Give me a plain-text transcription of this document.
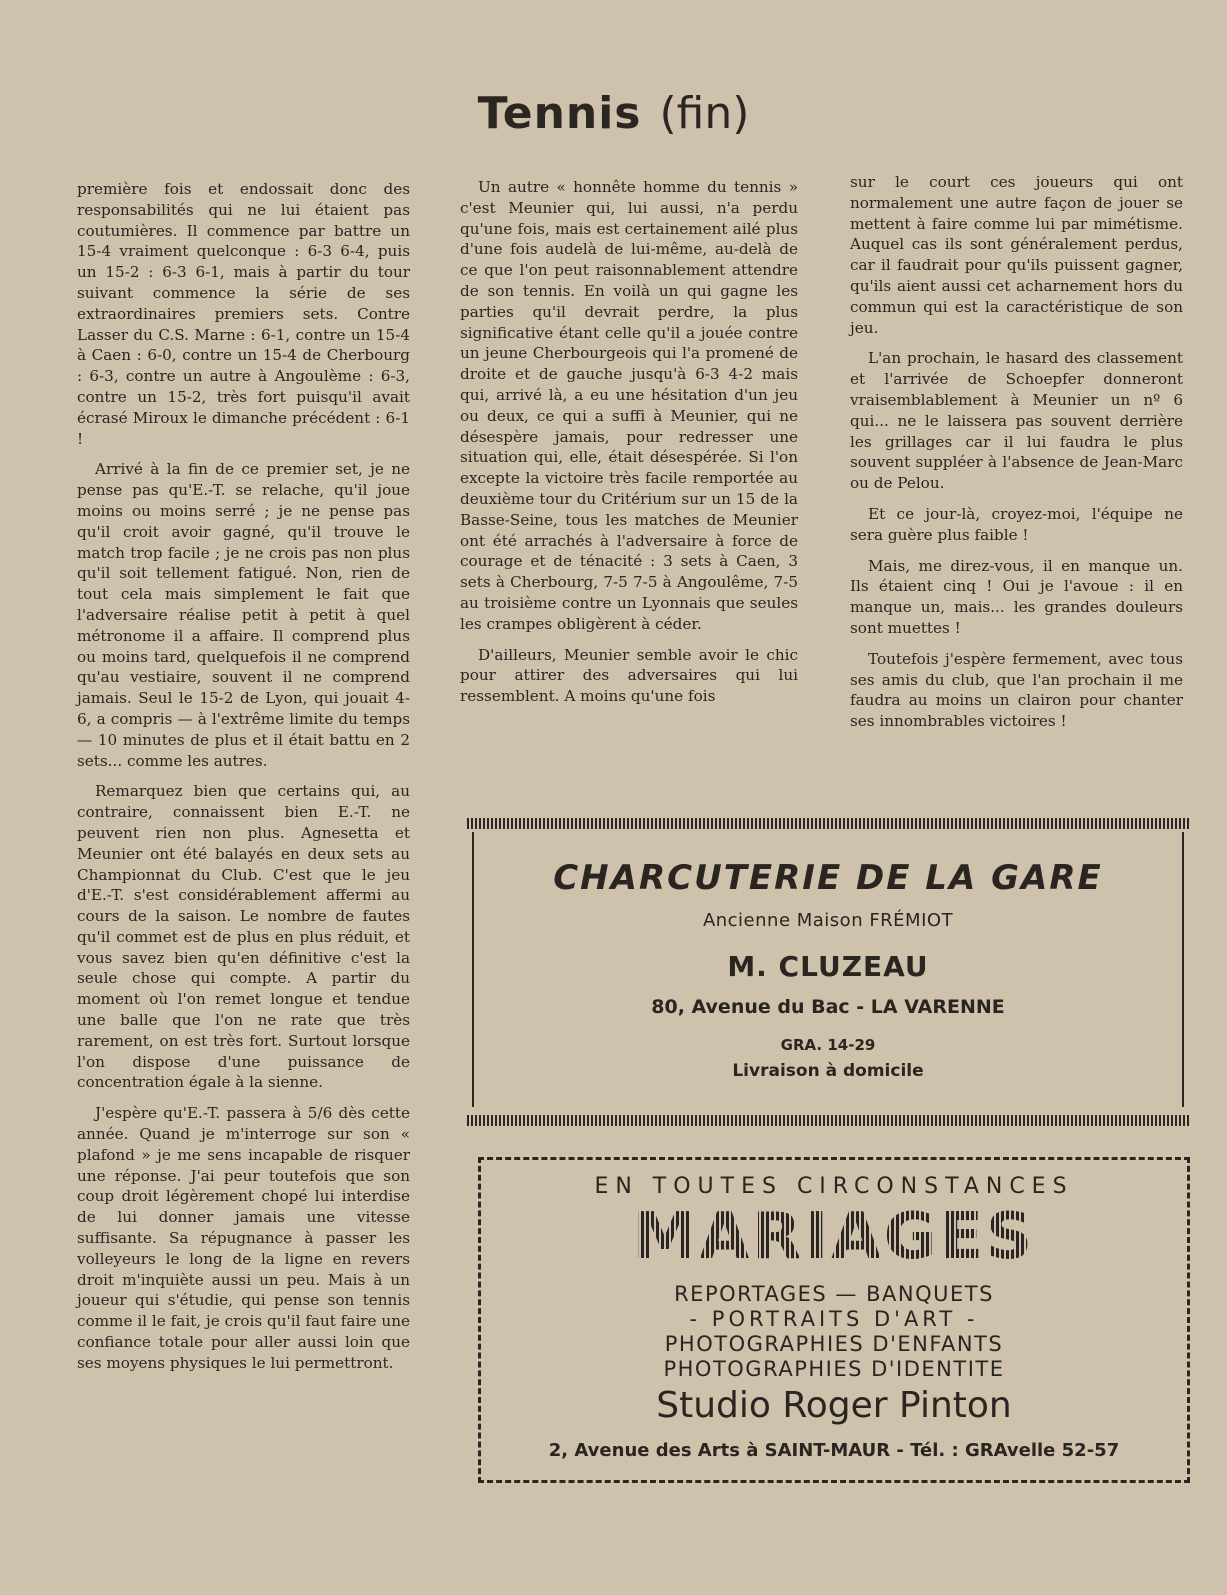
Tennis (fin)

première fois et endossait donc des responsabilités qui ne lui étaient pas coutumières. Il commence par battre un 15-4 vraiment quelconque : 6-3 6-4, puis un 15-2 : 6-3 6-1, mais à partir du tour suivant commence la série de ses extraordinaires premiers sets. Contre Lasser du C.S. Marne : 6-1, contre un 15-4 à Caen : 6-0, contre un 15-4 de Cherbourg : 6-3, contre un autre à Angoulème : 6-3, contre un 15-2, très fort puisqu'il avait écrasé Miroux le dimanche précédent : 6-1 !

Arrivé à la fin de ce premier set, je ne pense pas qu'E.-T. se relache, qu'il joue moins ou moins serré ; je ne pense pas qu'il croit avoir gagné, qu'il trouve le match trop facile ; je ne crois pas non plus qu'il soit tellement fatigué. Non, rien de tout cela mais simplement le fait que l'adversaire réalise petit à petit à quel métronome il a affaire. Il comprend plus ou moins tard, quelquefois il ne comprend qu'au vestiaire, souvent il ne comprend jamais. Seul le 15-2 de Lyon, qui jouait 4-6, a compris — à l'extrême limite du temps — 10 minutes de plus et il était battu en 2 sets... comme les autres.

Remarquez bien que certains qui, au contraire, connaissent bien E.-T. ne peuvent rien non plus. Agnesetta et Meunier ont été balayés en deux sets au Championnat du Club. C'est que le jeu d'E.-T. s'est considérablement affermi au cours de la saison. Le nombre de fautes qu'il commet est de plus en plus réduit, et vous savez bien qu'en définitive c'est la seule chose qui compte. A partir du moment où l'on remet longue et tendue une balle que l'on ne rate que très rarement, on est très fort. Surtout lorsque l'on dispose d'une puissance de concentration égale à la sienne.

J'espère qu'E.-T. passera à 5/6 dès cette année. Quand je m'interroge sur son « plafond » je me sens incapable de risquer une réponse. J'ai peur toutefois que son coup droit légèrement chopé lui interdise de lui donner jamais une vitesse suffisante. Sa répugnance à passer les volleyeurs le long de la ligne en revers droit m'inquiète aussi un peu. Mais à un joueur qui s'étudie, qui pense son tennis comme il le fait, je crois qu'il faut faire une confiance totale pour aller aussi loin que ses moyens physiques le lui permettront.

Un autre « honnête homme du tennis » c'est Meunier qui, lui aussi, n'a perdu qu'une fois, mais est certainement ailé plus d'une fois audelà de lui-même, au-delà de ce que l'on peut raisonnablement attendre de son tennis. En voilà un qui gagne les parties qu'il devrait perdre, la plus significative étant celle qu'il a jouée contre un jeune Cherbourgeois qui l'a promené de droite et de gauche jusqu'à 6-3 4-2 mais qui, arrivé là, a eu une hésitation d'un jeu ou deux, ce qui a suffi à Meunier, qui ne désespère jamais, pour redresser une situation qui, elle, était désespérée. Si l'on excepte la victoire très facile remportée au deuxième tour du Critérium sur un 15 de la Basse-Seine, tous les matches de Meunier ont été arrachés à l'adversaire à force de courage et de ténacité : 3 sets à Caen, 3 sets à Cherbourg, 7-5 7-5 à Angoulême, 7-5 au troisième contre un Lyonnais que seules les crampes obligèrent à céder.

D'ailleurs, Meunier semble avoir le chic pour attirer des adversaires qui lui ressemblent. A moins qu'une fois

sur le court ces joueurs qui ont normalement une autre façon de jouer se mettent à faire comme lui par mimétisme. Auquel cas ils sont généralement perdus, car il faudrait pour qu'ils puissent gagner, qu'ils aient aussi cet acharnement hors du commun qui est la caractéristique de son jeu.

L'an prochain, le hasard des classement et l'arrivée de Schoepfer donneront vraisemblablement à Meunier un nº 6 qui... ne le laissera pas souvent derrière les grillages car il lui faudra le plus souvent suppléer à l'absence de Jean-Marc ou de Pelou.

Et ce jour-là, croyez-moi, l'équipe ne sera guère plus faible !

Mais, me direz-vous, il en manque un. Ils étaient cinq ! Oui je l'avoue : il en manque un, mais... les grandes douleurs sont muettes !

Toutefois j'espère fermement, avec tous ses amis du club, que l'an prochain il me faudra au moins un clairon pour chanter ses innombrables victoires !

CHARCUTERIE DE LA GARE
Ancienne Maison FRÉMIOT
M. CLUZEAU
80, Avenue du Bac - LA VARENNE
GRA. 14-29
Livraison à domicile
EN TOUTES CIRCONSTANCES
MARIAGES
REPORTAGES — BANQUETS
- PORTRAITS D'ART -
PHOTOGRAPHIES D'ENFANTS
PHOTOGRAPHIES D'IDENTITE
Studio Roger Pinton
2, Avenue des Arts à SAINT-MAUR - Tél. : GRAvelle 52-57
